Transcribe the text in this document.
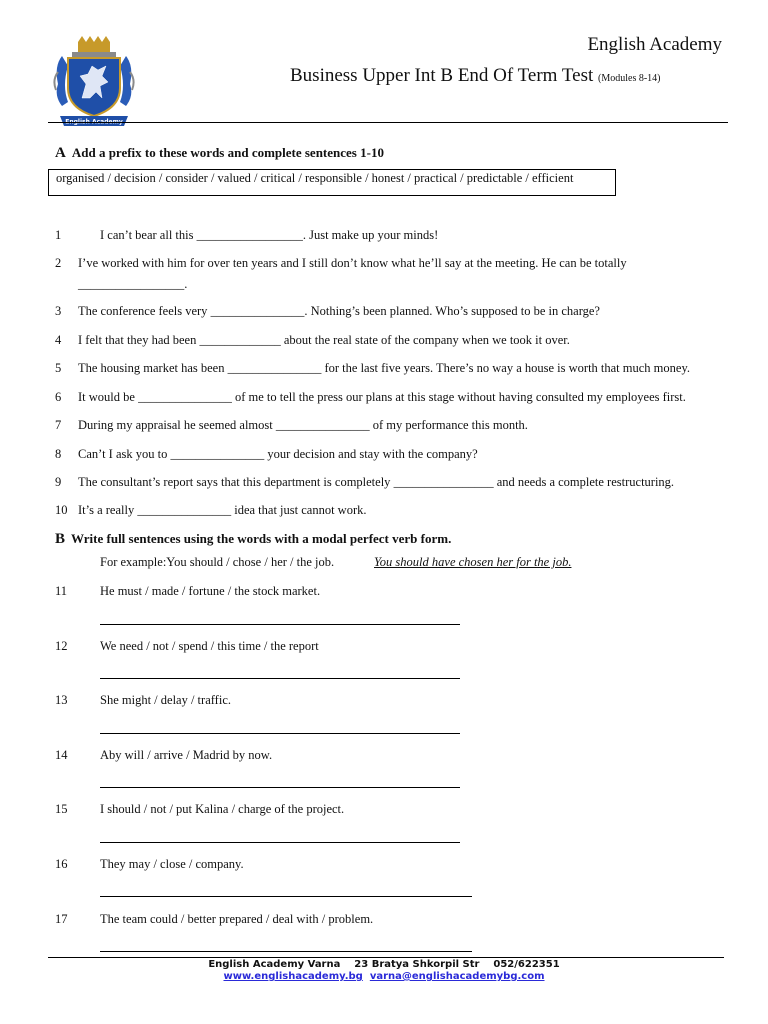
English Academy
English Academy
Business Upper Int B End Of Term Test (Modules 8-14)
A Add a prefix to these words and complete sentences 1-10
organised / decision / consider / valued / critical / responsible / honest / practical / predictable / efficient
1	I can’t bear all this _________________. Just make up your minds!
2 I’ve worked with him for over ten years and I still don’t know what he’ll say at the meeting. He can be totally
_________________.
3 The conference feels very _______________. Nothing’s been planned. Who’s supposed to be in charge?
4 I felt that they had been _____________ about the real state of the company when we took it over.
5 The housing market has been _______________ for the last five years. There’s no way a house is worth that much money.
6 It would be _______________ of me to tell the press our plans at this stage without having consulted my employees first.
7 During my appraisal he seemed almost _______________ of my performance this month.
8 Can’t I ask you to _______________ your decision and stay with the company?
9 The consultant’s report says that this department is completely ________________ and needs a complete restructuring.
10 It’s a really _______________ idea that just cannot work.
B Write full sentences using the words with a modal perfect verb form.
For example:You should / chose / her / the job.	You should have chosen her for the job.
11	He must / made / fortune / the stock market.
12	We need / not / spend / this time / the report
13	She might / delay / traffic.
14	Aby will / arrive / Madrid by now.
15	I should / not / put Kalina / charge of the project.
16	They may / close / company.
17	The team could / better prepared / deal with / problem.
English Academy Varna 23 Bratya Shkorpil Str 052/622351
www.englishacademy.bg varna@englishacademybg.com
